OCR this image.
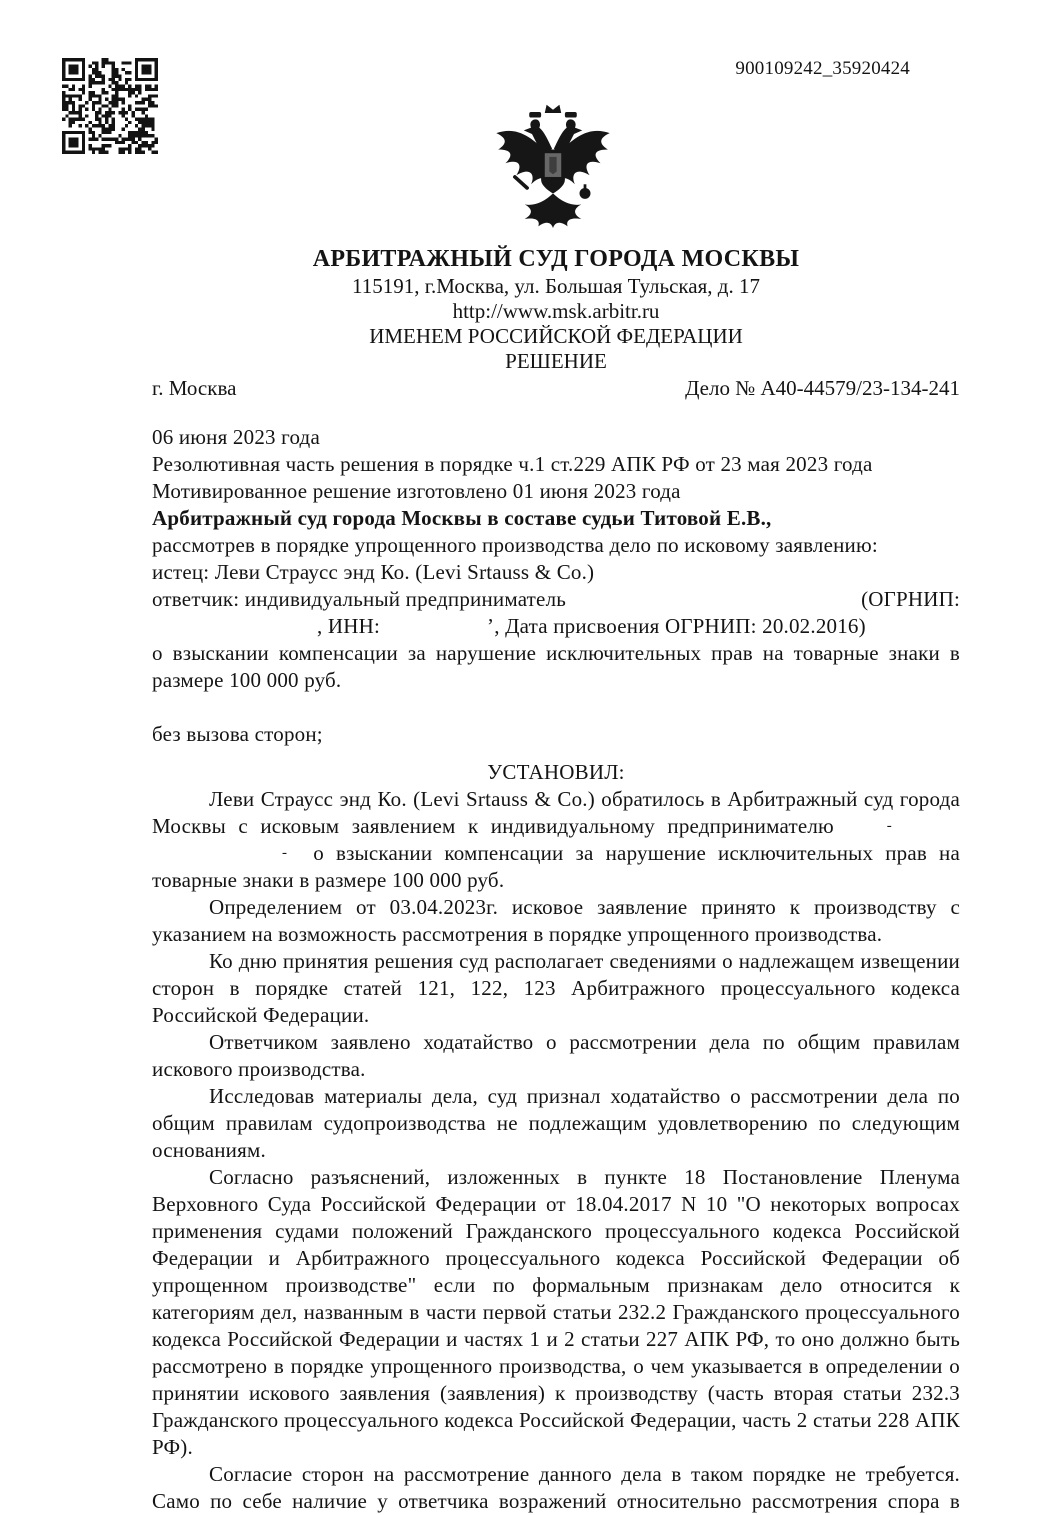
900109242_35920424
АРБИТРАЖНЫЙ СУД ГОРОДА МОСКВЫ
115191, г.Москва, ул. Большая Тульская, д. 17
http://www.msk.arbitr.ru
ИМЕНЕМ РОССИЙСКОЙ ФЕДЕРАЦИИ
РЕШЕНИЕ
г. Москва	Дело № А40-44579/23-134-241
06 июня 2023 года
Резолютивная часть решения в порядке ч.1 ст.229 АПК РФ от 23 мая 2023 года
Мотивированное решение изготовлено 01 июня 2023 года
Арбитражный суд города Москвы в составе судьи Титовой Е.В.,
рассмотрев в порядке упрощенного производства дело по исковому заявлению:
истец: Леви Страусс энд Ко. (Levi Srtauss & Co.)
ответчик: индивидуальный предприниматель	(ОГРНИП:
, ИНН:	’, Дата присвоения ОГРНИП: 20.02.2016)
о взыскании компенсации за нарушение исключительных прав на товарные знаки в размере 100 000 руб.
без вызова сторон;
УСТАНОВИЛ:
Леви Страусс энд Ко. (Levi Srtauss & Co.) обратилось в Арбитражный суд города
Москвы с исковым заявлением к индивидуальному предпринимателю	-
- о взыскании компенсации за нарушение исключительных прав на
товарные знаки в размере 100 000 руб.
Определением от 03.04.2023г. исковое заявление принято к производству с указанием на возможность рассмотрения в порядке упрощенного производства.
Ко дню принятия решения суд располагает сведениями о надлежащем извещении сторон в порядке статей 121, 122, 123 Арбитражного процессуального кодекса Российской Федерации.
Ответчиком заявлено ходатайство о рассмотрении дела по общим правилам искового производства.
Исследовав материалы дела, суд признал ходатайство о рассмотрении дела по общим правилам судопроизводства не подлежащим удовлетворению по следующим основаниям.
Согласно разъяснений, изложенных в пункте 18 Постановление Пленума Верховного Суда Российской Федерации от 18.04.2017 N 10 "О некоторых вопросах применения судами положений Гражданского процессуального кодекса Российской Федерации и Арбитражного процессуального кодекса Российской Федерации об упрощенном производстве" если по формальным признакам дело относится к категориям дел, названным в части первой статьи 232.2 Гражданского процессуального кодекса Российской Федерации и частях 1 и 2 статьи 227 АПК РФ, то оно должно быть рассмотрено в порядке упрощенного производства, о чем указывается в определении о принятии искового заявления (заявления) к производству (часть вторая статьи 232.3 Гражданского процессуального кодекса Российской Федерации, часть 2 статьи 228 АПК РФ).
Согласие сторон на рассмотрение данного дела в таком порядке не требуется. Само по себе наличие у ответчика возражений относительно рассмотрения спора в
